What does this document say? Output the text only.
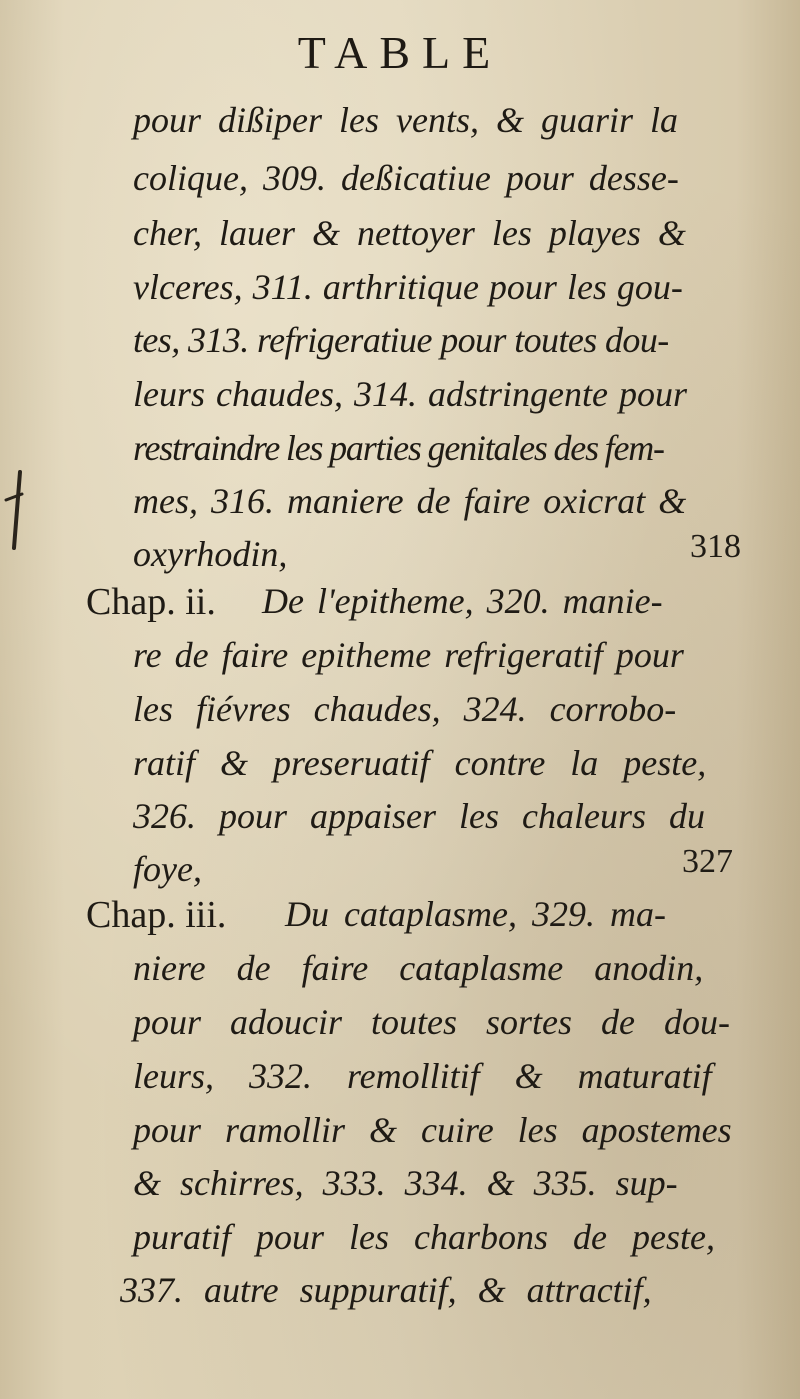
TABLE
pour dißiper les vents, & guarir la
colique, 309. deßicatiue pour desse-
cher, lauer & nettoyer les playes &
vlceres, 311. arthritique pour les gou-
tes, 313. refrigeratiue pour toutes dou-
leurs chaudes, 314. adstringente pour
restraindre les parties genitales des fem-
mes, 316. maniere de faire oxicrat &
oxyrhodin,	318
Chap. ii. De l'epitheme, 320. manie-
re de faire epitheme refrigeratif pour
les fiévres chaudes, 324. corrobo-
ratif & preseruatif contre la peste,
326. pour appaiser les chaleurs du
foye,	327
Chap. iii. Du cataplasme, 329. ma-
niere de faire cataplasme anodin,
pour adoucir toutes sortes de dou-
leurs, 332. remollitif & maturatif
pour ramollir & cuire les apostemes
& schirres, 333. 334. & 335. sup-
puratif pour les charbons de peste,
337. autre suppuratif, & attractif,
